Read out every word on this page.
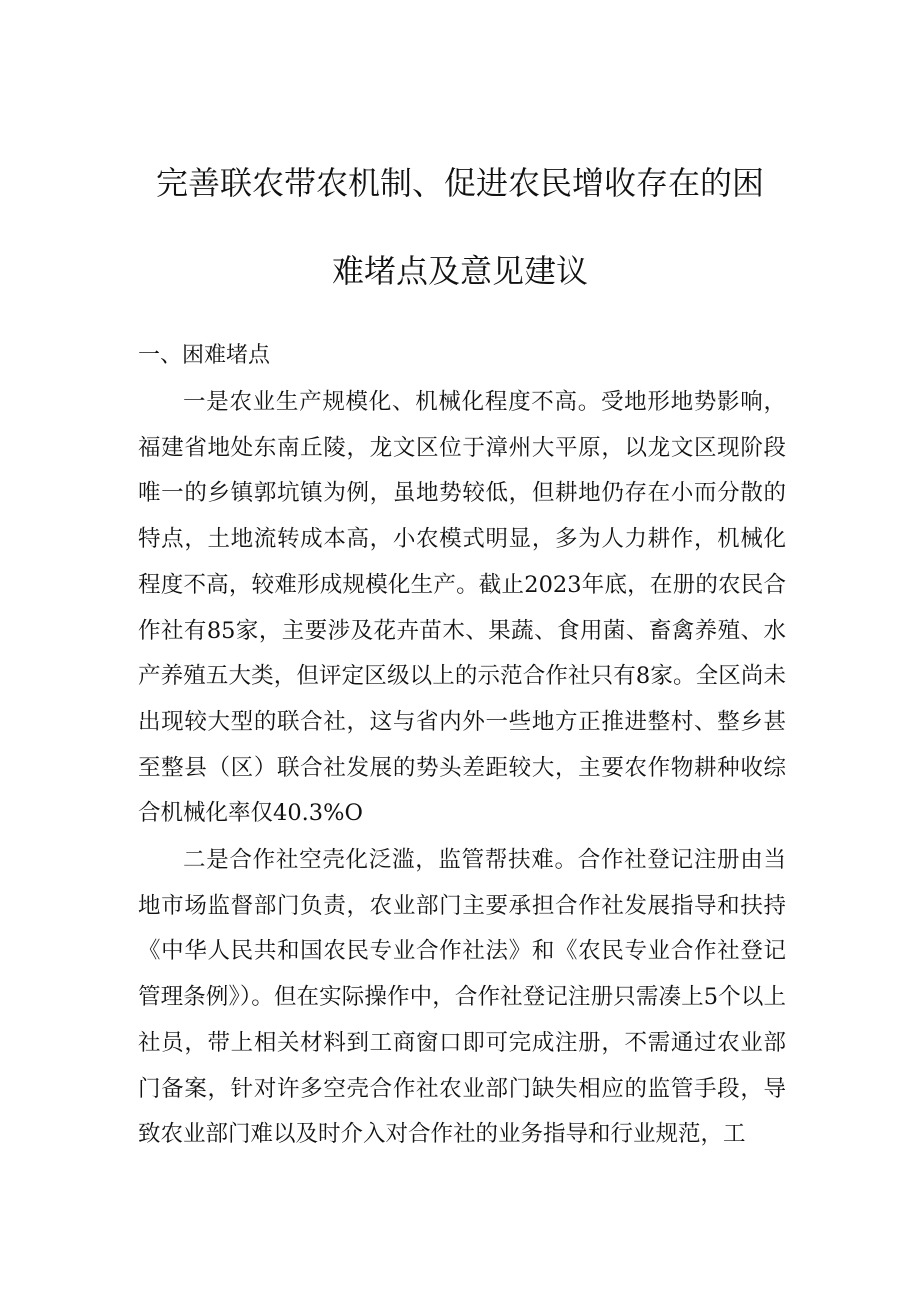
完善联农带农机制、促进农民增收存在的困
难堵点及意见建议
一、困难堵点
一是农业生产规模化、机械化程度不高。受地形地势影响，福建省地处东南丘陵，龙文区位于漳州大平原，以龙文区现阶段唯一的乡镇郭坑镇为例，虽地势较低，但耕地仍存在小而分散的特点，土地流转成本高，小农模式明显，多为人力耕作，机械化程度不高，较难形成规模化生产。截止2023年底，在册的农民合作社有85家，主要涉及花卉苗木、果蔬、食用菌、畜禽养殖、水产养殖五大类，但评定区级以上的示范合作社只有8家。全区尚未出现较大型的联合社，这与省内外一些地方正推进整村、整乡甚至整县（区）联合社发展的势头差距较大，主要农作物耕种收综合机械化率仅40.3%O
二是合作社空壳化泛滥，监管帮扶难。合作社登记注册由当地市场监督部门负责，农业部门主要承担合作社发展指导和扶持《中华人民共和国农民专业合作社法》和《农民专业合作社登记管理条例》）。但在实际操作中，合作社登记注册只需凑上5个以上社员，带上相关材料到工商窗口即可完成注册，不需通过农业部门备案，针对许多空壳合作社农业部门缺失相应的监管手段，导致农业部门难以及时介入对合作社的业务指导和行业规范，工
